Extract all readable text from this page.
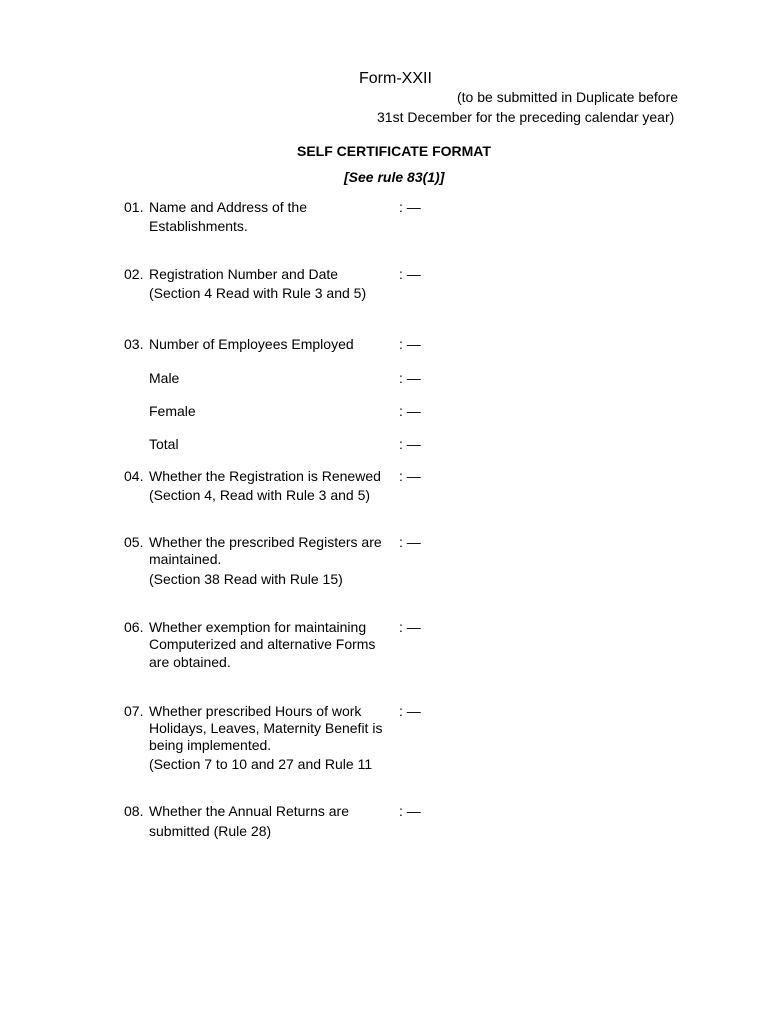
Form-XXII
(to be submitted in Duplicate before
31st December for the preceding calendar year)
SELF CERTIFICATE FORMAT
[See rule 83(1)]
01. Name and Address of the
Establishments.
: —
02. Registration Number and Date
(Section 4 Read with Rule 3 and 5)
: —
03. Number of Employees Employed	: —
Male	: —
Female	: —
Total	: —
04. Whether the Registration is Renewed
(Section 4, Read with Rule 3 and 5)
: —
05. Whether the prescribed Registers are
maintained.
(Section 38 Read with Rule 15)
: —
06. Whether exemption for maintaining
Computerized and alternative Forms
are obtained.
: —
07. Whether prescribed Hours of work
Holidays, Leaves, Maternity Benefit is
being implemented.
(Section 7 to 10 and 27 and Rule 11
: —
08. Whether the Annual Returns are
submitted (Rule 28)
: —
